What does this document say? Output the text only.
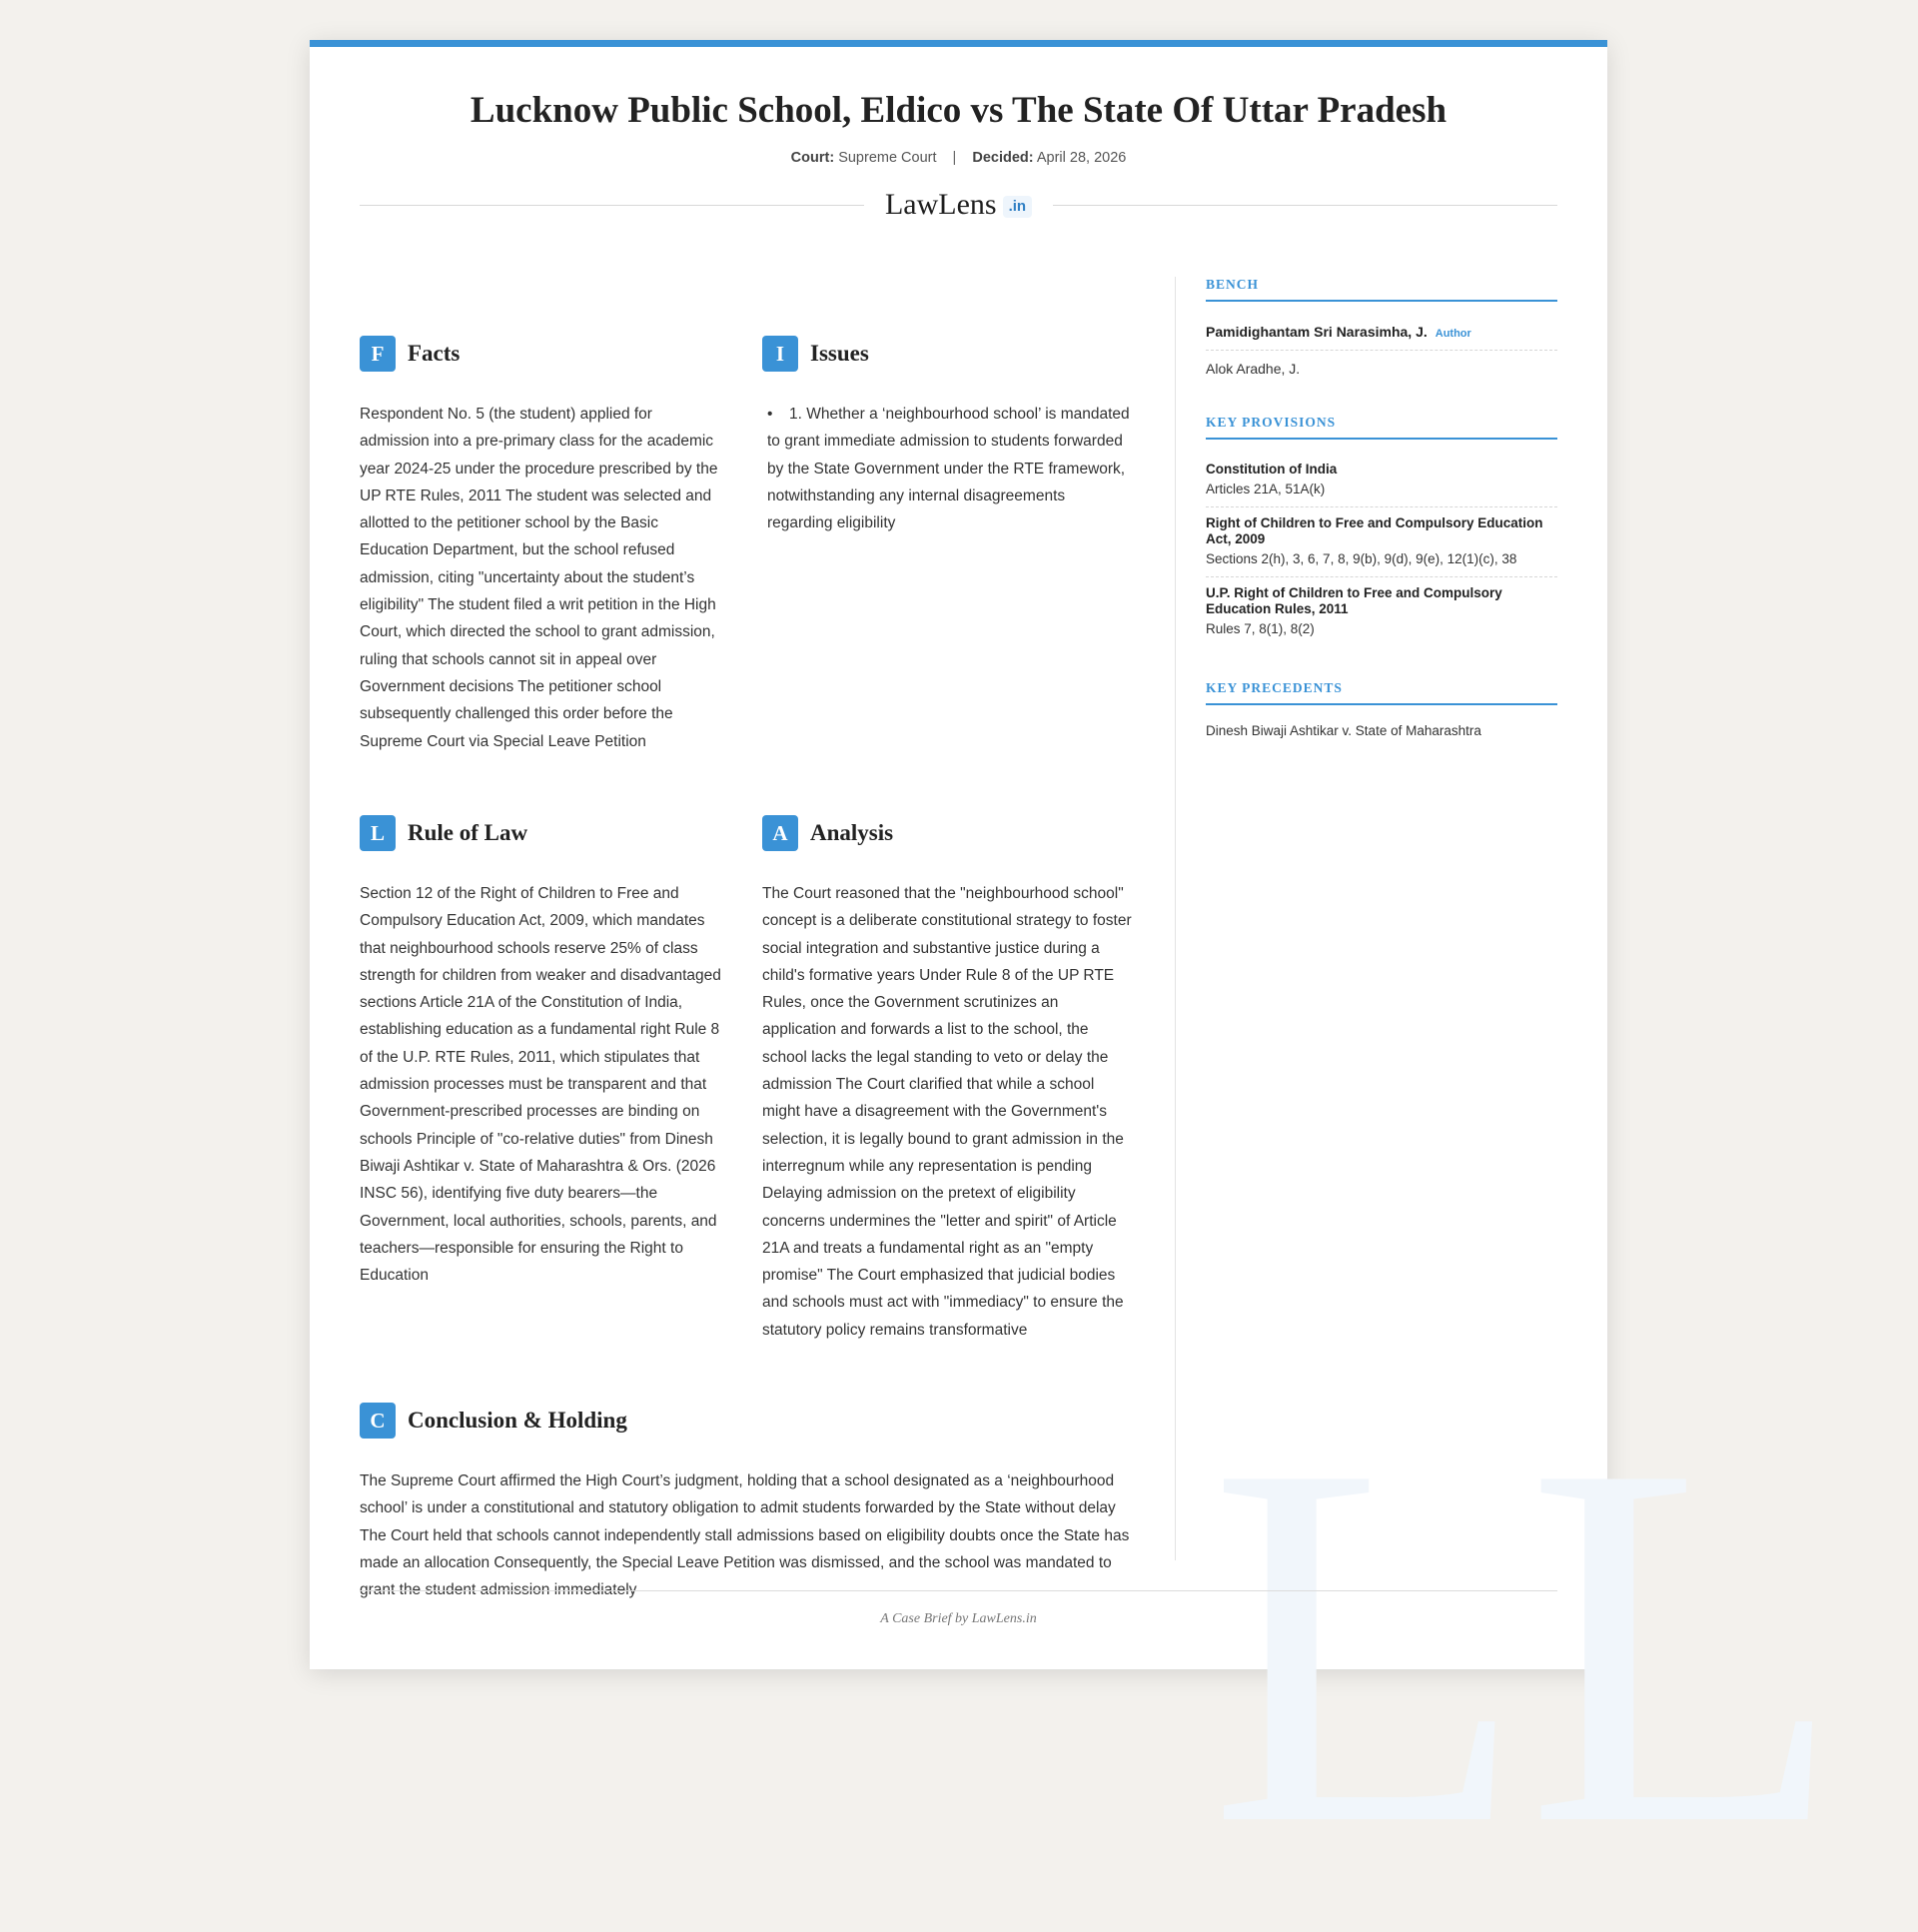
LL
Lucknow Public School, Eldico vs The State Of Uttar Pradesh
Court: Supreme Court | Decided: April 28, 2026
LawLens .in
F	Facts
Respondent No. 5 (the student) applied for admission into a pre-primary class for the academic year 2024-25 under the procedure prescribed by the UP RTE Rules, 2011 The student was selected and allotted to the petitioner school by the Basic Education Department, but the school refused admission, citing "uncertainty about the student’s eligibility" The student filed a writ petition in the High Court, which directed the school to grant admission, ruling that schools cannot sit in appeal over Government decisions The petitioner school subsequently challenged this order before the Supreme Court via Special Leave Petition
I	Issues
• 1. Whether a ‘neighbourhood school’ is mandated to grant immediate admission to students forwarded by the State Government under the RTE framework, notwithstanding any internal disagreements regarding eligibility
L	Rule of Law
Section 12 of the Right of Children to Free and Compulsory Education Act, 2009, which mandates that neighbourhood schools reserve 25% of class strength for children from weaker and disadvantaged sections Article 21A of the Constitution of India, establishing education as a fundamental right Rule 8 of the U.P. RTE Rules, 2011, which stipulates that admission processes must be transparent and that Government-prescribed processes are binding on schools Principle of "co-relative duties" from Dinesh Biwaji Ashtikar v. State of Maharashtra & Ors. (2026 INSC 56), identifying five duty bearers—the Government, local authorities, schools, parents, and teachers—responsible for ensuring the Right to Education
A Analysis
The Court reasoned that the "neighbourhood school" concept is a deliberate constitutional strategy to foster social integration and substantive justice during a child's formative years Under Rule 8 of the UP RTE Rules, once the Government scrutinizes an application and forwards a list to the school, the school lacks the legal standing to veto or delay the admission The Court clarified that while a school might have a disagreement with the Government's selection, it is legally bound to grant admission in the interregnum while any representation is pending Delaying admission on the pretext of eligibility concerns undermines the "letter and spirit" of Article 21A and treats a fundamental right as an "empty promise" The Court emphasized that judicial bodies and schools must act with "immediacy" to ensure the statutory policy remains transformative
C Conclusion & Holding
The Supreme Court affirmed the High Court’s judgment, holding that a school designated as a ‘neighbourhood school’ is under a constitutional and statutory obligation to admit students forwarded by the State without delay The Court held that schools cannot independently stall admissions based on eligibility doubts once the State has made an allocation Consequently, the Special Leave Petition was dismissed, and the school was mandated to grant the student admission immediately
BENCH
Pamidighantam Sri Narasimha, J. Author
Alok Aradhe, J.
KEY PROVISIONS
Constitution of India
Articles 21A, 51A(k)
Right of Children to Free and Compulsory Education Act, 2009
Sections 2(h), 3, 6, 7, 8, 9(b), 9(d), 9(e), 12(1)(c), 38
U.P. Right of Children to Free and Compulsory Education Rules, 2011
Rules 7, 8(1), 8(2)
KEY PRECEDENTS
Dinesh Biwaji Ashtikar v. State of Maharashtra
A Case Brief by LawLens.in
